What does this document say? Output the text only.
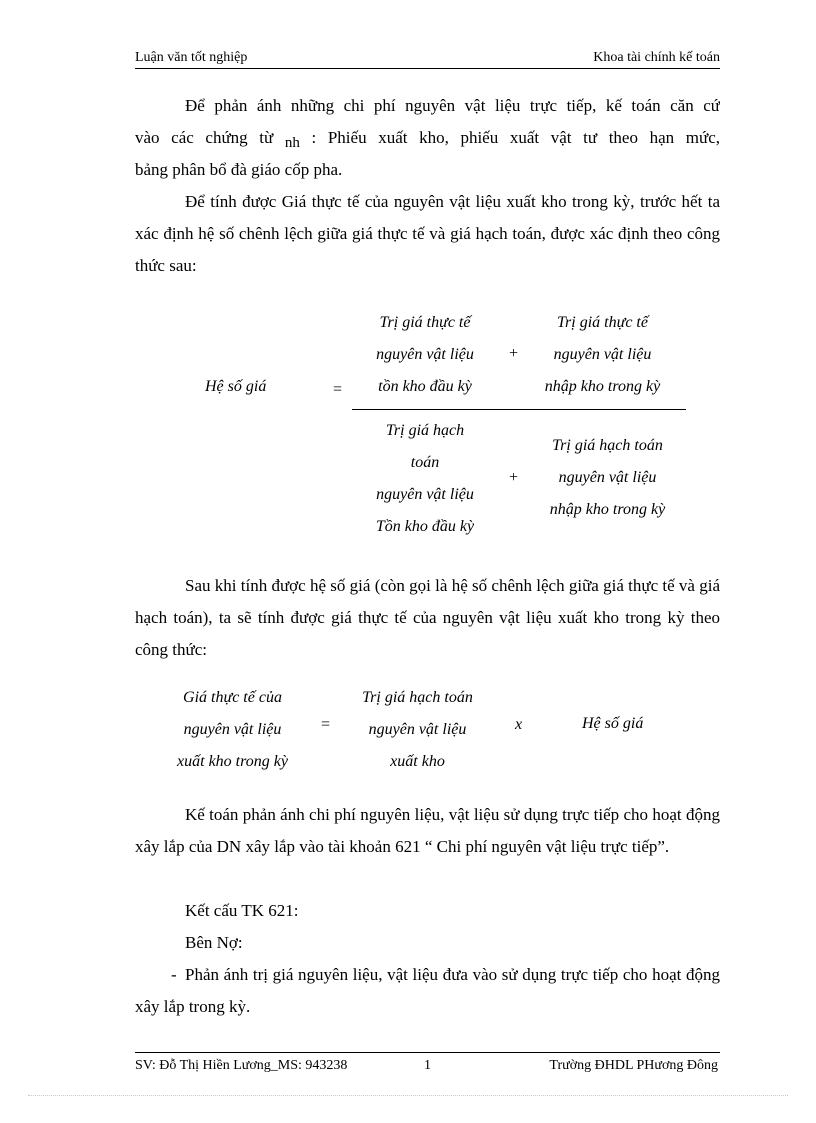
Luận văn tốt nghiệp	Khoa tài chính kế toán
Để phản ánh những chi phí nguyên vật liệu trực tiếp, kế toán căn cứ
vào các chứng từ nh : Phiếu xuất kho, phiếu xuất vật tư theo hạn mức,
bảng phân bổ đà giáo cốp pha.

Để tính được Giá thực tế của nguyên vật liệu xuất kho trong kỳ, trước hết ta xác định hệ số chênh lệch giữa giá thực tế và giá hạch toán, được xác định theo công thức sau:

Hệ số giá	=
Trị giá thực tế
nguyên vật liệu
tồn kho đầu kỳ
+
Trị giá thực tế
nguyên vật liệu
nhập kho trong kỳ
Trị giá hạch
toán
nguyên vật liệu
Tồn kho đầu kỳ
+
Trị giá hạch toán
nguyên vật liệu
nhập kho trong kỳ

Sau khi tính được hệ số giá (còn gọi là hệ số chênh lệch giữa giá thực tế và giá hạch toán), ta sẽ tính được giá thực tế của nguyên vật liệu xuất kho trong kỳ theo công thức:

Giá thực tế của
nguyên vật liệu
xuất kho trong kỳ
=
Trị giá hạch toán
nguyên vật liệu
xuất kho
x	Hệ số giá

Kế toán phản ánh chi phí nguyên liệu, vật liệu sử dụng trực tiếp cho hoạt động xây lắp của DN xây lắp vào tài khoản 621 “ Chi phí nguyên vật liệu trực tiếp”.

Kết cấu TK 621:
Bên Nợ:
- Phản ánh trị giá nguyên liệu, vật liệu đưa vào sử dụng trực tiếp cho hoạt động xây lắp trong kỳ.

SV: Đỗ Thị Hiền Lương_MS: 943238	1	Trường ĐHDL PHương Đông
